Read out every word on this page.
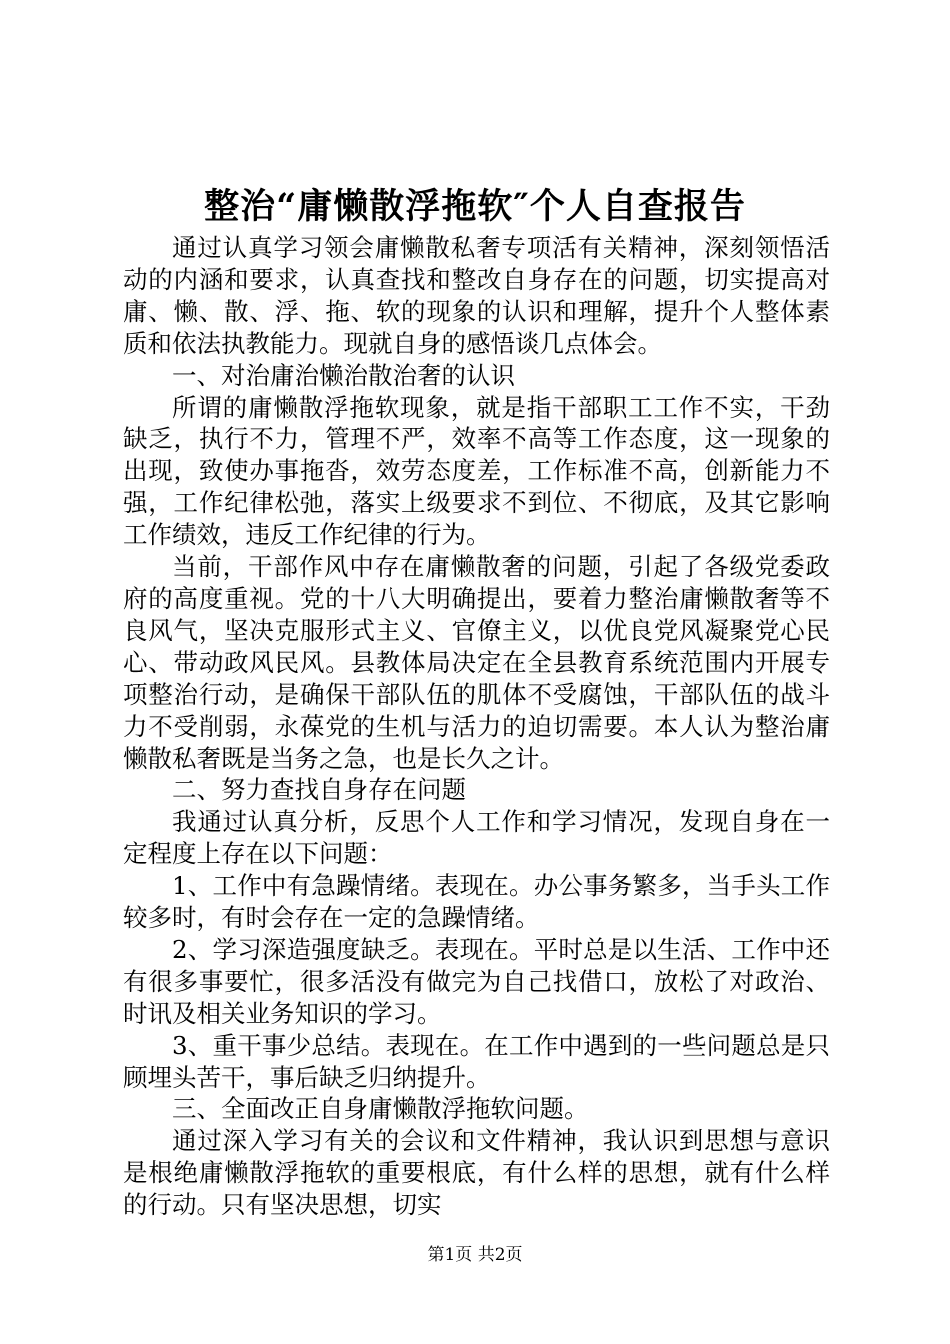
整治“庸懒散浮拖软″个人自查报告

通过认真学习领会庸懒散私奢专项活有关精神，深刻领悟活动的内涵和要求，认真查找和整改自身存在的问题，切实提高对庸、懒、散、浮、拖、软的现象的认识和理解，提升个人整体素质和依法执教能力。现就自身的感悟谈几点体会。

一、对治庸治懒治散治奢的认识

所谓的庸懒散浮拖软现象，就是指干部职工工作不实，干劲缺乏，执行不力，管理不严，效率不高等工作态度，这一现象的出现，致使办事拖沓，效劳态度差，工作标准不高，创新能力不强，工作纪律松弛，落实上级要求不到位、不彻底，及其它影响工作绩效，违反工作纪律的行为。

当前，干部作风中存在庸懒散奢的问题，引起了各级党委政府的高度重视。党的十八大明确提出，要着力整治庸懒散奢等不良风气，坚决克服形式主义、官僚主义，以优良党风凝聚党心民心、带动政风民风。县教体局决定在全县教育系统范围内开展专项整治行动，是确保干部队伍的肌体不受腐蚀，干部队伍的战斗力不受削弱，永葆党的生机与活力的迫切需要。本人认为整治庸懒散私奢既是当务之急，也是长久之计。

二、努力查找自身存在问题

我通过认真分析，反思个人工作和学习情况，发现自身在一定程度上存在以下问题：

1、工作中有急躁情绪。表现在。办公事务繁多，当手头工作较多时，有时会存在一定的急躁情绪。

2、学习深造强度缺乏。表现在。平时总是以生活、工作中还有很多事要忙，很多活没有做完为自己找借口，放松了对政治、时讯及相关业务知识的学习。

3、重干事少总结。表现在。在工作中遇到的一些问题总是只顾埋头苦干，事后缺乏归纳提升。

三、全面改正自身庸懒散浮拖软问题。

通过深入学习有关的会议和文件精神，我认识到思想与意识是根绝庸懒散浮拖软的重要根底，有什么样的思想，就有什么样的行动。只有坚决思想，切实

第1页 共2页
